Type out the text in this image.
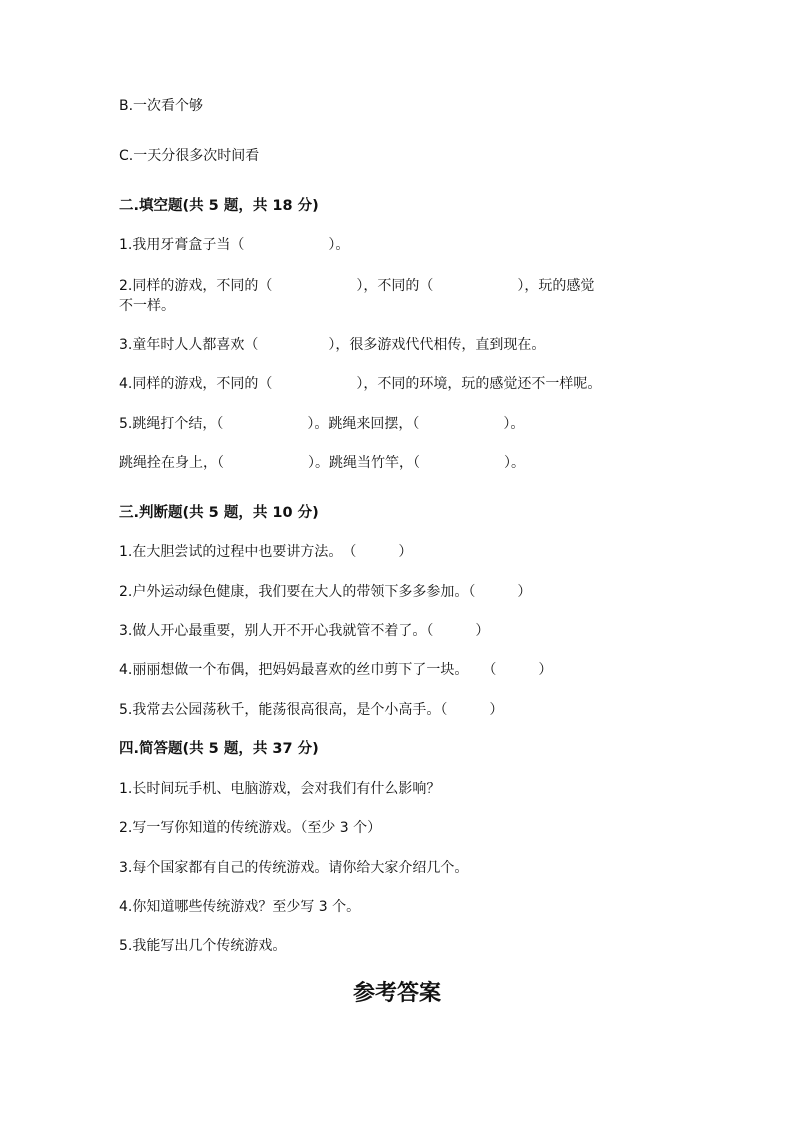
B.一次看个够
C.一天分很多次时间看
二.填空题(共 5 题，共 18 分)
1.我用牙膏盒子当（　　　　　　）。
2.同样的游戏，不同的（　　　　　　），不同的（　　　　　　），玩的感觉
不一样。
3.童年时人人都喜欢（　　　　　），很多游戏代代相传，直到现在。
4.同样的游戏，不同的（　　　　　　），不同的环境，玩的感觉还不一样呢。
5.跳绳打个结，（　　　　　　）。跳绳来回摆，（　　　　　　）。
跳绳拴在身上，（　　　　　　）。跳绳当竹竿，（　　　　　　）。
三.判断题(共 5 题，共 10 分)
1.在大胆尝试的过程中也要讲方法。　（　　　）
2.户外运动绿色健康，我们要在大人的带领下多多参加。（　　　）
3.做人开心最重要，别人开不开心我就管不着了。（　　　）
4.丽丽想做一个布偶，把妈妈最喜欢的丝巾剪下了一块。　　（　　　）
5.我常去公园荡秋千，能荡很高很高，是个小高手。（　　　）
四.简答题(共 5 题，共 37 分)
1.长时间玩手机、电脑游戏，会对我们有什么影响？
2.写一写你知道的传统游戏。（至少 3 个）
3.每个国家都有自己的传统游戏。请你给大家介绍几个。
4.你知道哪些传统游戏？至少写 3 个。
5.我能写出几个传统游戏。
参考答案
